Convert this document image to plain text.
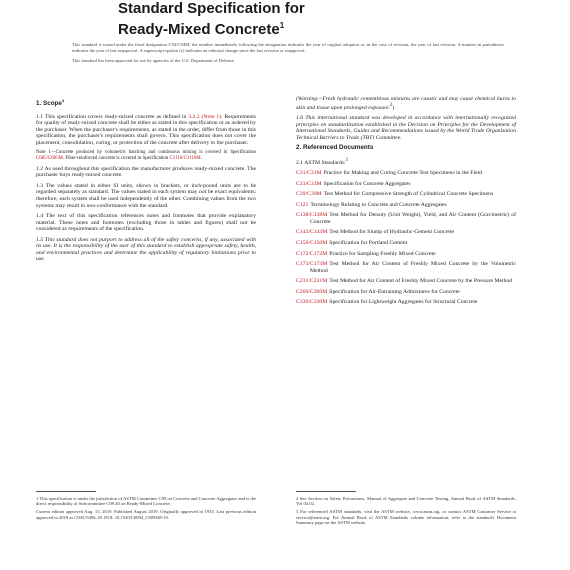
Standard Specification for
Ready-Mixed Concrete$^1$

This standard is issued under the fixed designation C94/C94M; the number immediately following the designation indicates the year of original adoption or, in the case of revision, the year of last revision. A number in parentheses indicates the year of last reapproval. A superscript epsilon (ε) indicates an editorial change since the last revision or reapproval.

This standard has been approved for use by agencies of the U.S. Department of Defense.

1. Scope$^4$

1.1 This specification covers ready-mixed concrete as defined in 3.2.2 (Note 1). Requirements for quality of ready-mixed concrete shall be either as stated in this specification or as ordered by the purchaser. When the purchaser's requirements, as stated in the order, differ from those in this specification, the purchaser's requirements shall govern. This specification does not cover the placement, consolidation, curing, or protection of the concrete after delivery to the purchaser.

Note 1—Concrete produced by volumetric batching and continuous mixing is covered in Specification C685/C685M. Fiber-reinforced concrete is covered in Specification C1116/C1116M.

1.2 As used throughout this specification the manufacturer produces ready-mixed concrete. The purchaser buys ready-mixed concrete.

1.3 The values stated in either SI units, shown in brackets, or inch-pound units are to be regarded separately as standard. The values stated in each system may not be exact equivalents; therefore, each system shall be used independently of the other. Combining values from the two systems may result in non-conformance with the standard.

1.4 The text of this specification references notes and footnotes that provide explanatory material. These notes and footnotes (excluding those in tables and figures) shall not be considered as requirements of the specification.

1.5 This standard does not purport to address all of the safety concerns, if any, associated with its use. It is the responsibility of the user of this standard to establish appropriate safety, health, and environmental practices and determine the applicability of regulatory limitations prior to use.

(Warning—Fresh hydraulic cementitious mixtures are caustic and may cause chemical burns to skin and tissue upon prolonged exposure.$^2$)

1.6 This international standard was developed in accordance with internationally recognized principles on standardization established in the Decision on Principles for the Development of International Standards, Guides and Recommendations issued by the World Trade Organization Technical Barriers to Trade (TBT) Committee.

2. Referenced Documents

2.1 ASTM Standards:$^3$

C31/C31M Practice for Making and Curing Concrete Test Specimens in the Field

C33/C33M Specification for Concrete Aggregates

C39/C39M Test Method for Compressive Strength of Cylindrical Concrete Specimens

C125 Terminology Relating to Concrete and Concrete Aggregates

C138/C138M Test Method for Density (Unit Weight), Yield, and Air Content (Gravimetric) of Concrete

C143/C143M Test Method for Slump of Hydraulic-Cement Concrete

C150/C150M Specification for Portland Cement

C172/C172M Practice for Sampling Freshly Mixed Concrete

C173/C173M Test Method for Air Content of Freshly Mixed Concrete by the Volumetric Method

C231/C231M Test Method for Air Content of Freshly Mixed Concrete by the Pressure Method

C260/C260M Specification for Air-Entraining Admixtures for Concrete

C330/C330M Specification for Lightweight Aggregates for Structural Concrete

1 This specification is under the jurisdiction of ASTM Committee C09 on Concrete and Concrete Aggregates and is the direct responsibility of Subcommittee C09.40 on Ready-Mixed Concrete.

Current edition approved Aug. 15, 2019. Published August 2019. Originally approved in 1933. Last previous edition approved in 2018 as C94/C94M–18. DOI: 10.1520/C0094_C0094M-19.

2 See Section on Safety Precautions, Manual of Aggregate and Concrete Testing, Annual Book of ASTM Standards, Vol 04.02.

3 For referenced ASTM standards, visit the ASTM website, www.astm.org, or contact ASTM Customer Service at service@astm.org. For Annual Book of ASTM Standards volume information, refer to the standard's Document Summary page on the ASTM website.
